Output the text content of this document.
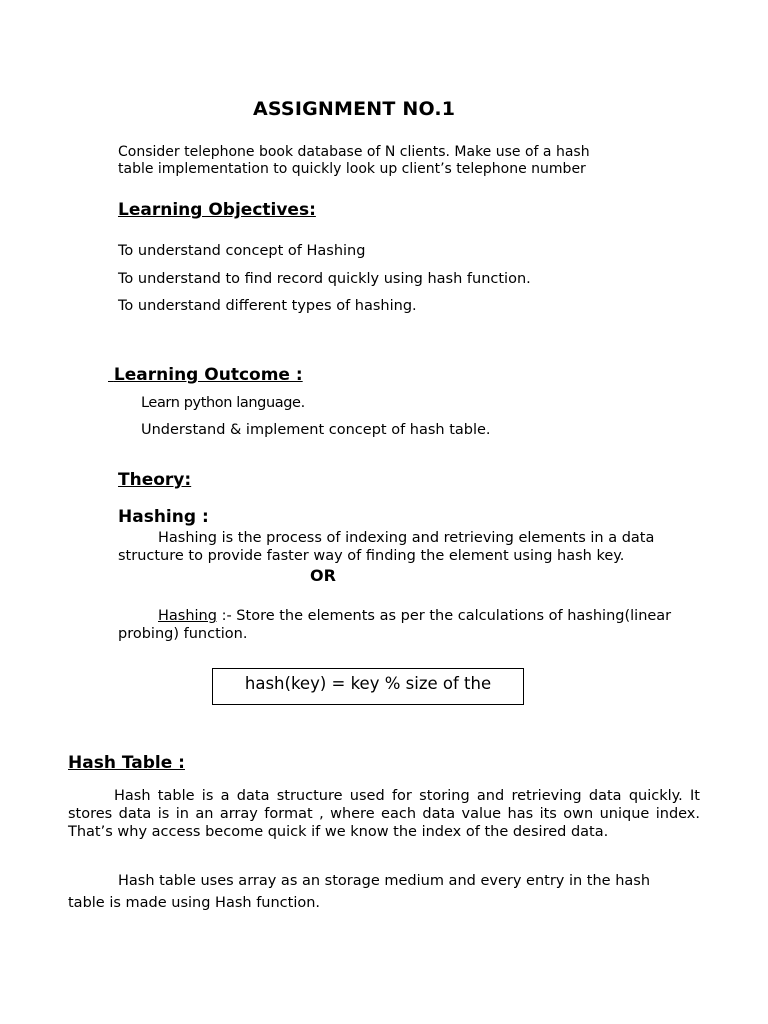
ASSIGNMENT NO.1
Consider telephone book database of N clients. Make use of a hash table implementation to quickly look up client’s telephone number
Learning Objectives:
To understand concept of Hashing
To understand to find record quickly using hash function.
To understand different types of hashing.
Learning Outcome :
Learn python language.
Understand & implement concept of hash table.
Theory:
Hashing :
Hashing is the process of indexing and retrieving elements in a data structure to provide faster way of finding the element using hash key.
OR
Hashing :- Store the elements as per the calculations of hashing(linear probing) function.
hash(key) = key % size of the
Hash Table :
Hash table is a data structure used for storing and retrieving data quickly. It stores data is in an array format , where each data value has its own unique index. That’s why access become quick if we know the index of the desired data.
Hash table uses array as an storage medium and every entry in the hash
table is made using Hash function.
